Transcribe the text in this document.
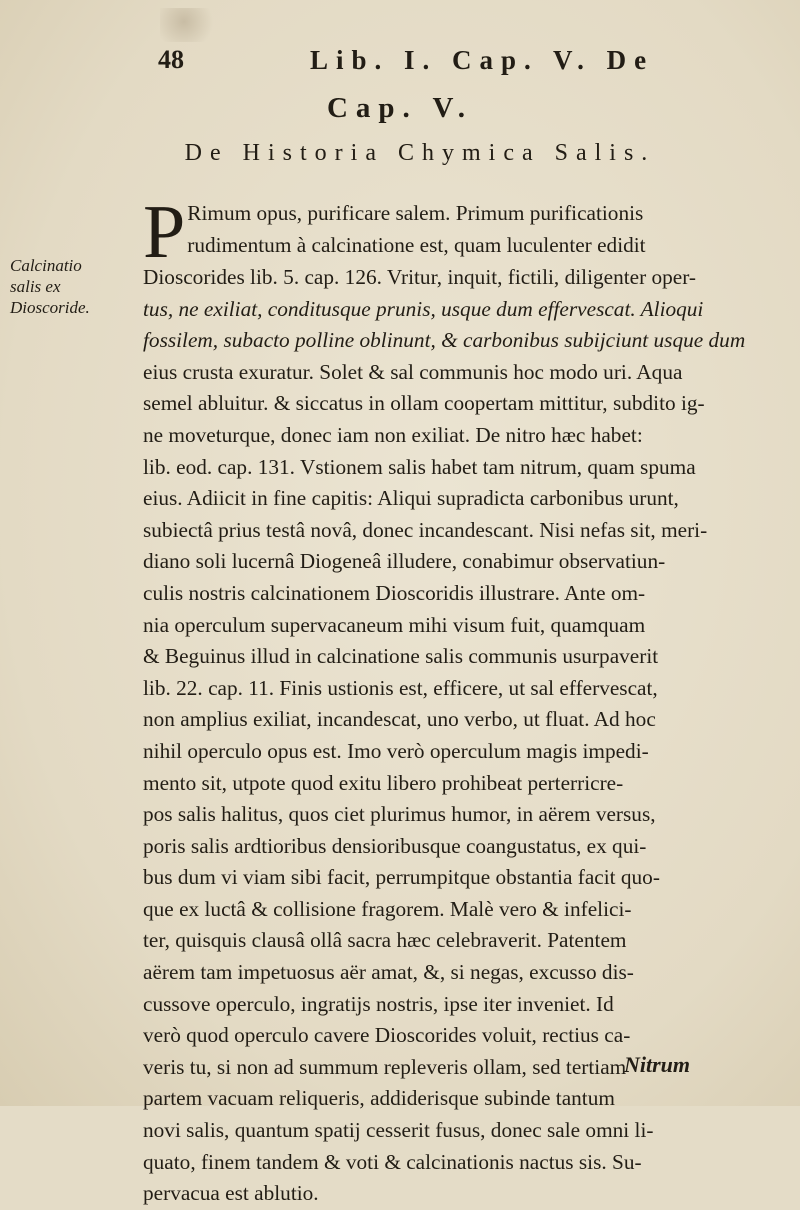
48	Lib. I. Cap. V. De
Cap. V.
De Historia Chymica Salis.
Calcinatio salis ex Dioscoride.
P Rimum opus, purificare salem. Primum purificationis
rudimentum à calcinatione est, quam luculenter edidit
Dioscorides lib. 5. cap. 126. Vritur, inquit, fictili, diligenter oper-
tus, ne exiliat, conditusque prunis, usque dum effervescat. Alioqui
fossilem, subacto polline oblinunt, & carbonibus subijciunt usque dum
eius crusta exuratur. Solet & sal communis hoc modo uri. Aqua
semel abluitur. & siccatus in ollam coopertam mittitur, subdito ig-
ne moveturque, donec iam non exiliat. De nitro hæc habet:
lib. eod. cap. 131. Vstionem salis habet tam nitrum, quam spuma
eius. Adiicit in fine capitis: Aliqui supradicta carbonibus urunt,
subiectâ prius testâ novâ, donec incandescant. Nisi nefas sit, meri-
diano soli lucernâ Diogeneâ illudere, conabimur observatiun-
culis nostris calcinationem Dioscoridis illustrare. Ante om-
nia operculum supervacaneum mihi visum fuit, quamquam
& Beguinus illud in calcinatione salis communis usurpaverit
lib. 22. cap. 11. Finis ustionis est, efficere, ut sal effervescat,
non amplius exiliat, incandescat, uno verbo, ut fluat. Ad hoc
nihil operculo opus est. Imo verò operculum magis impedi-
mento sit, utpote quod exitu libero prohibeat perterricre-
pos salis halitus, quos ciet plurimus humor, in aërem versus,
poris salis ardtioribus densioribusque coangustatus, ex qui-
bus dum vi viam sibi facit, perrumpitque obstantia facit quo-
que ex luctâ & collisione fragorem. Malè vero & infelici-
ter, quisquis clausâ ollâ sacra hæc celebraverit. Patentem
aërem tam impetuosus aër amat, &, si negas, excusso dis-
cussove operculo, ingratijs nostris, ipse iter inveniet. Id
verò quod operculo cavere Dioscorides voluit, rectius ca-
veris tu, si non ad summum repleveris ollam, sed tertiam
partem vacuam reliqueris, addiderisque subinde tantum
novi salis, quantum spatij cesserit fusus, donec sale omni li-
quato, finem tandem & voti & calcinationis nactus sis. Su-
pervacua est ablutio.
Nitrum
